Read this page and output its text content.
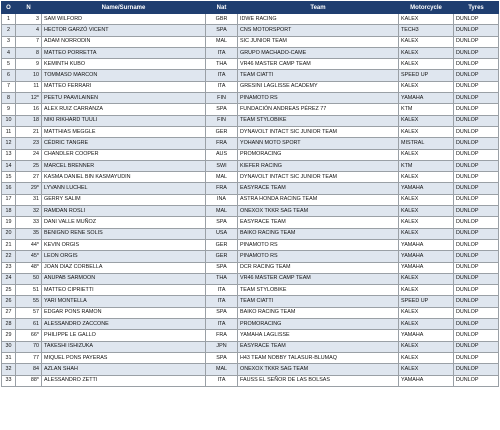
O	N	Name/Surname	Nat	Team	Motorcycle	Tyres
1	3	SAM WILFORD	GBR	IDWE RACING	KALEX	DUNLOP
2	4	HECTOR GARZÓ VICENT	SPA	CNS MOTORSPORT	TECH3	DUNLOP
3	7	ADAM NORRODIN	MAL	SIC JUNIOR TEAM	KALEX	DUNLOP
4	8	MATTEO PORRETTA	ITA	GRUPO MACHADO-CAME	KALEX	DUNLOP
5	9	KEMINTH KUBO	THA	VR46 MASTER CAMP TEAM	KALEX	DUNLOP
6	10	TOMMASO MARCON	ITA	TEAM CIATTI	SPEED UP	DUNLOP
7	11	MATTEO FERRARI	ITA	GRESINI LAGLISSE ACADEMY	KALEX	DUNLOP
8	12*	PEETU PAAVILAINEN	FIN	PINAMOTO RS	YAMAHA	DUNLOP
9	16	ALEX RUIZ CARRANZA	SPA	FUNDACIÓN ANDREAS PÉREZ 77	KTM	DUNLOP
10	18	NIKI RIKHARD TUULI	FIN	TEAM STYLOBIKE	KALEX	DUNLOP
11	21	MATTHIAS MEGGLE	GER	DYNAVOLT INTACT SIC JUNIOR TEAM	KALEX	DUNLOP
12	23	CÉDRIC TANGRE	FRA	YOHANN MOTO SPORT	MISTRAL	DUNLOP
13	24	CHANDLER COOPER	AUS	PROMORACING	KALEX	DUNLOP
14	25	MARCEL BRENNER	SWI	KIEFER RACING	KTM	DUNLOP
15	27	KASMA DANIEL BIN KASMAYUDIN	MAL	DYNAVOLT INTACT SIC JUNIOR TEAM	KALEX	DUNLOP
16	29*	LYVANN LUCHEL	FRA	EASYRACE TEAM	YAMAHA	DUNLOP
17	31	GERRY SALIM	INA	ASTRA HONDA RACING TEAM	KALEX	DUNLOP
18	32	RAMDAN ROSLI	MAL	ONEXOX TKKR SAG TEAM	KALEX	DUNLOP
19	33	DANI VALLE MUÑOZ	SPA	EASYRACE TEAM	KALEX	DUNLOP
20	35	BENIGNO RENE SOLIS	USA	BAIKO RACING TEAM	KALEX	DUNLOP
21	44*	KEVIN ORGIS	GER	PINAMOTO RS	YAMAHA	DUNLOP
22	45*	LEON ORGIS	GER	PINAMOTO RS	YAMAHA	DUNLOP
23	48*	JOAN DIAZ CORBELLA	SPA	DCR RACING TEAM	YAMAHA	DUNLOP
24	50	ANUPAB SARMOON	THA	VR46 MASTER CAMP TEAM	KALEX	DUNLOP
25	51	MATTEO CIPRIETTI	ITA	TEAM STYLOBIKE	KALEX	DUNLOP
26	55	YARI MONTELLA	ITA	TEAM CIATTI	SPEED UP	DUNLOP
27	57	EDGAR PONS RAMON	SPA	BAIKO RACING TEAM	KALEX	DUNLOP
28	61	ALESSANDRO ZACCONE	ITA	PROMORACING	KALEX	DUNLOP
29	66*	PHILIPPE LE GALLO	FRA	YAMAHA LAGLISSE	YAMAHA	DUNLOP
30	70	TAKESHI ISHIZUKA	JPN	EASYRACE TEAM	KALEX	DUNLOP
31	77	MIQUEL PONS PAYERAS	SPA	H43 TEAM NOBBY TALASUR-BLUMAQ	KALEX	DUNLOP
32	84	AZLAN SHAH	MAL	ONEXOX TKKR SAG TEAM	KALEX	DUNLOP
33	88*	ALESSANDRO ZETTI	ITA	FAUSS EL SEÑOR DE LAS BOLSAS	YAMAHA	DUNLOP
